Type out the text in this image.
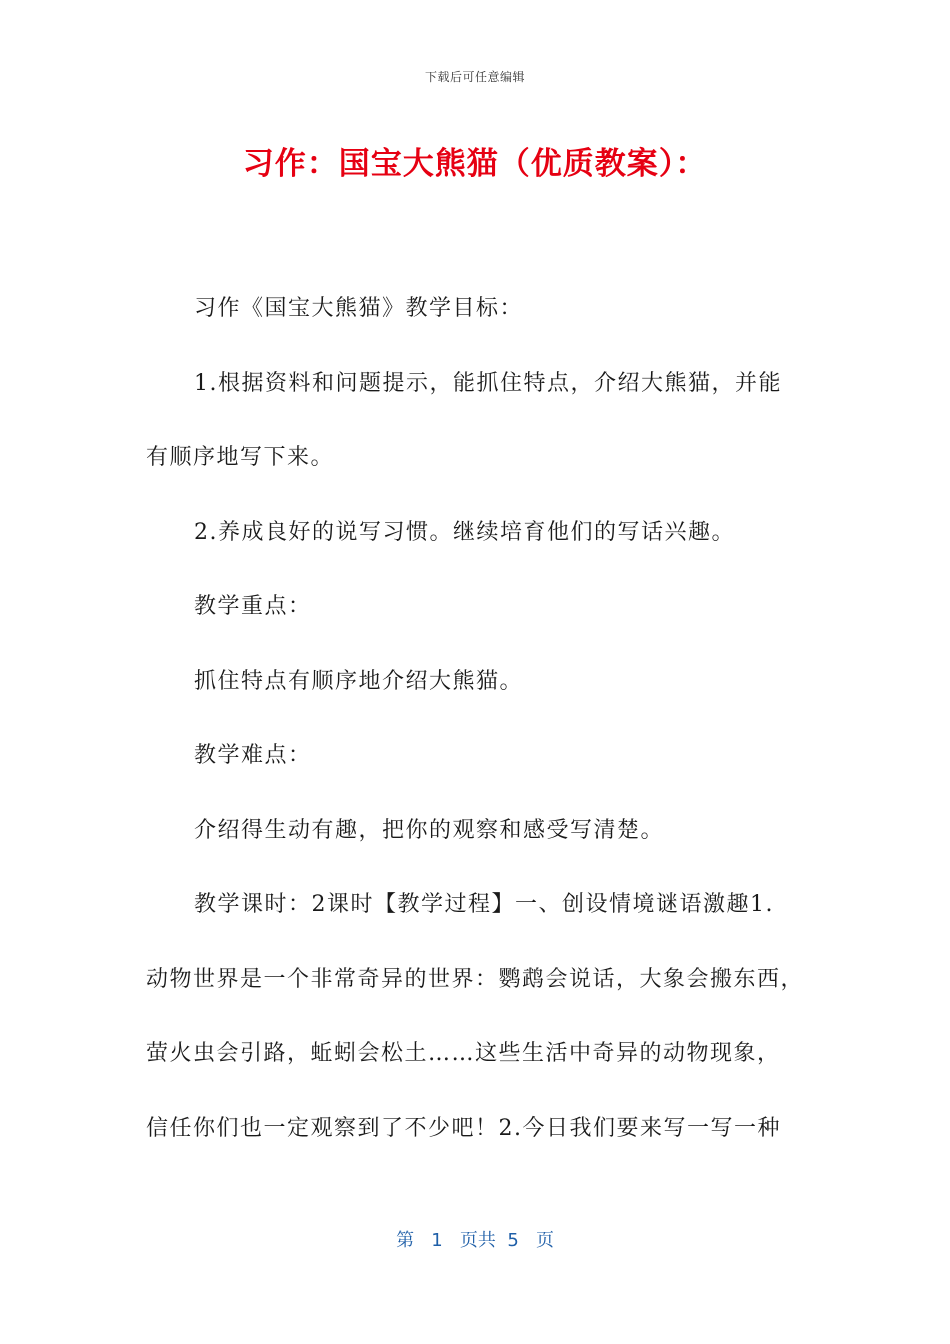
下载后可任意编辑
习作：国宝大熊猫（优质教案）：

习作《国宝大熊猫》教学目标：

1.根据资料和问题提示，能抓住特点，介绍大熊猫，并能

有顺序地写下来。

2.养成良好的说写习惯。继续培育他们的写话兴趣。

教学重点：

抓住特点有顺序地介绍大熊猫。

教学难点：

介绍得生动有趣，把你的观察和感受写清楚。

教学课时：2课时【教学过程】一、创设情境谜语激趣1.

动物世界是一个非常奇异的世界：鹦鹉会说话，大象会搬东西，

萤火虫会引路，蚯蚓会松土……这些生活中奇异的动物现象，

信任你们也一定观察到了不少吧！2.今日我们要来写一写一种

第 1 页共 5 页
